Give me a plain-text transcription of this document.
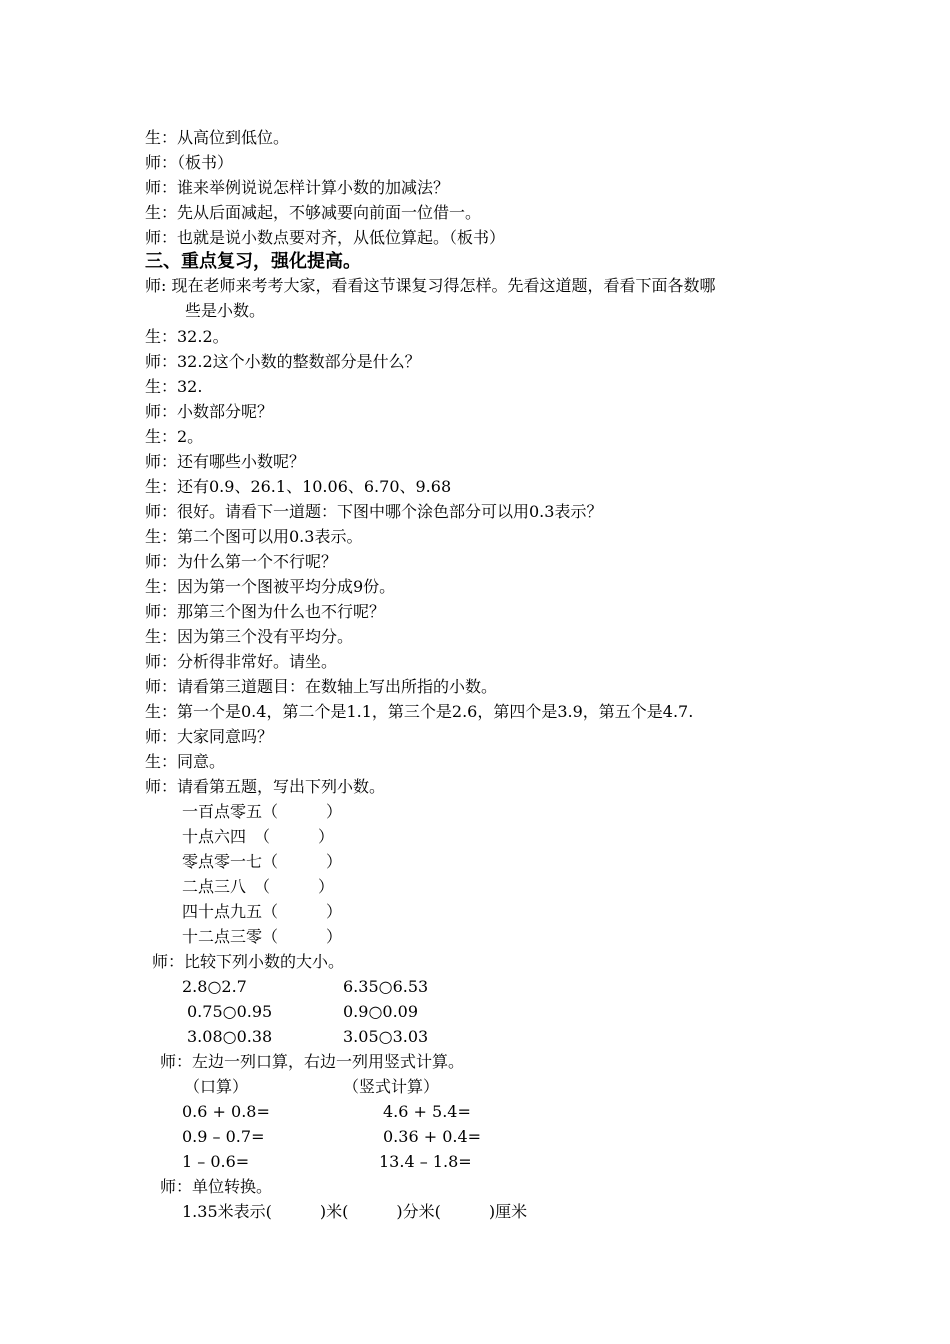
生：从高位到低位。
师：（板书）
师：谁来举例说说怎样计算小数的加减法？
生：先从后面减起，不够减要向前面一位借一。
师：也就是说小数点要对齐，从低位算起。（板书）
三、重点复习，强化提高。
师: 现在老师来考考大家，看看这节课复习得怎样。先看这道题，看看下面各数哪
些是小数。
生：32.2。
师：32.2这个小数的整数部分是什么？
生：32.
师：小数部分呢？
生：2。
师：还有哪些小数呢？
生：还有0.9、26.1、10.06、6.70、9.68
师：很好。请看下一道题：下图中哪个涂色部分可以用0.3表示？
生：第二个图可以用0.3表示。
师：为什么第一个不行呢？
生：因为第一个图被平均分成9份。
师：那第三个图为什么也不行呢？
生：因为第三个没有平均分。
师：分析得非常好。请坐。
师：请看第三道题目：在数轴上写出所指的小数。
生：第一个是0.4，第二个是1.1，第三个是2.6，第四个是3.9，第五个是4.7.
师：大家同意吗？
生：同意。
师：请看第五题，写出下列小数。
一百点零五（　　　）
十点六四　（　　　）
零点零一七（　　　）
二点三八　（　　　）
四十点九五（　　　）
十二点三零（　　　）
师：比较下列小数的大小。
2.8○2.7	6.35○6.53
0.75○0.95	0.9○0.09
3.08○0.38	3.05○3.03
师：左边一列口算，右边一列用竖式计算。
（口算）	（竖式计算）
0.6 + 0.8=	4.6 + 5.4=
0.9 – 0.7=	0.36 + 0.4=
1 – 0.6=	13.4 – 1.8=
师：单位转换。
1.35米表示(　　　)米(　　　)分米(　　　)厘米
